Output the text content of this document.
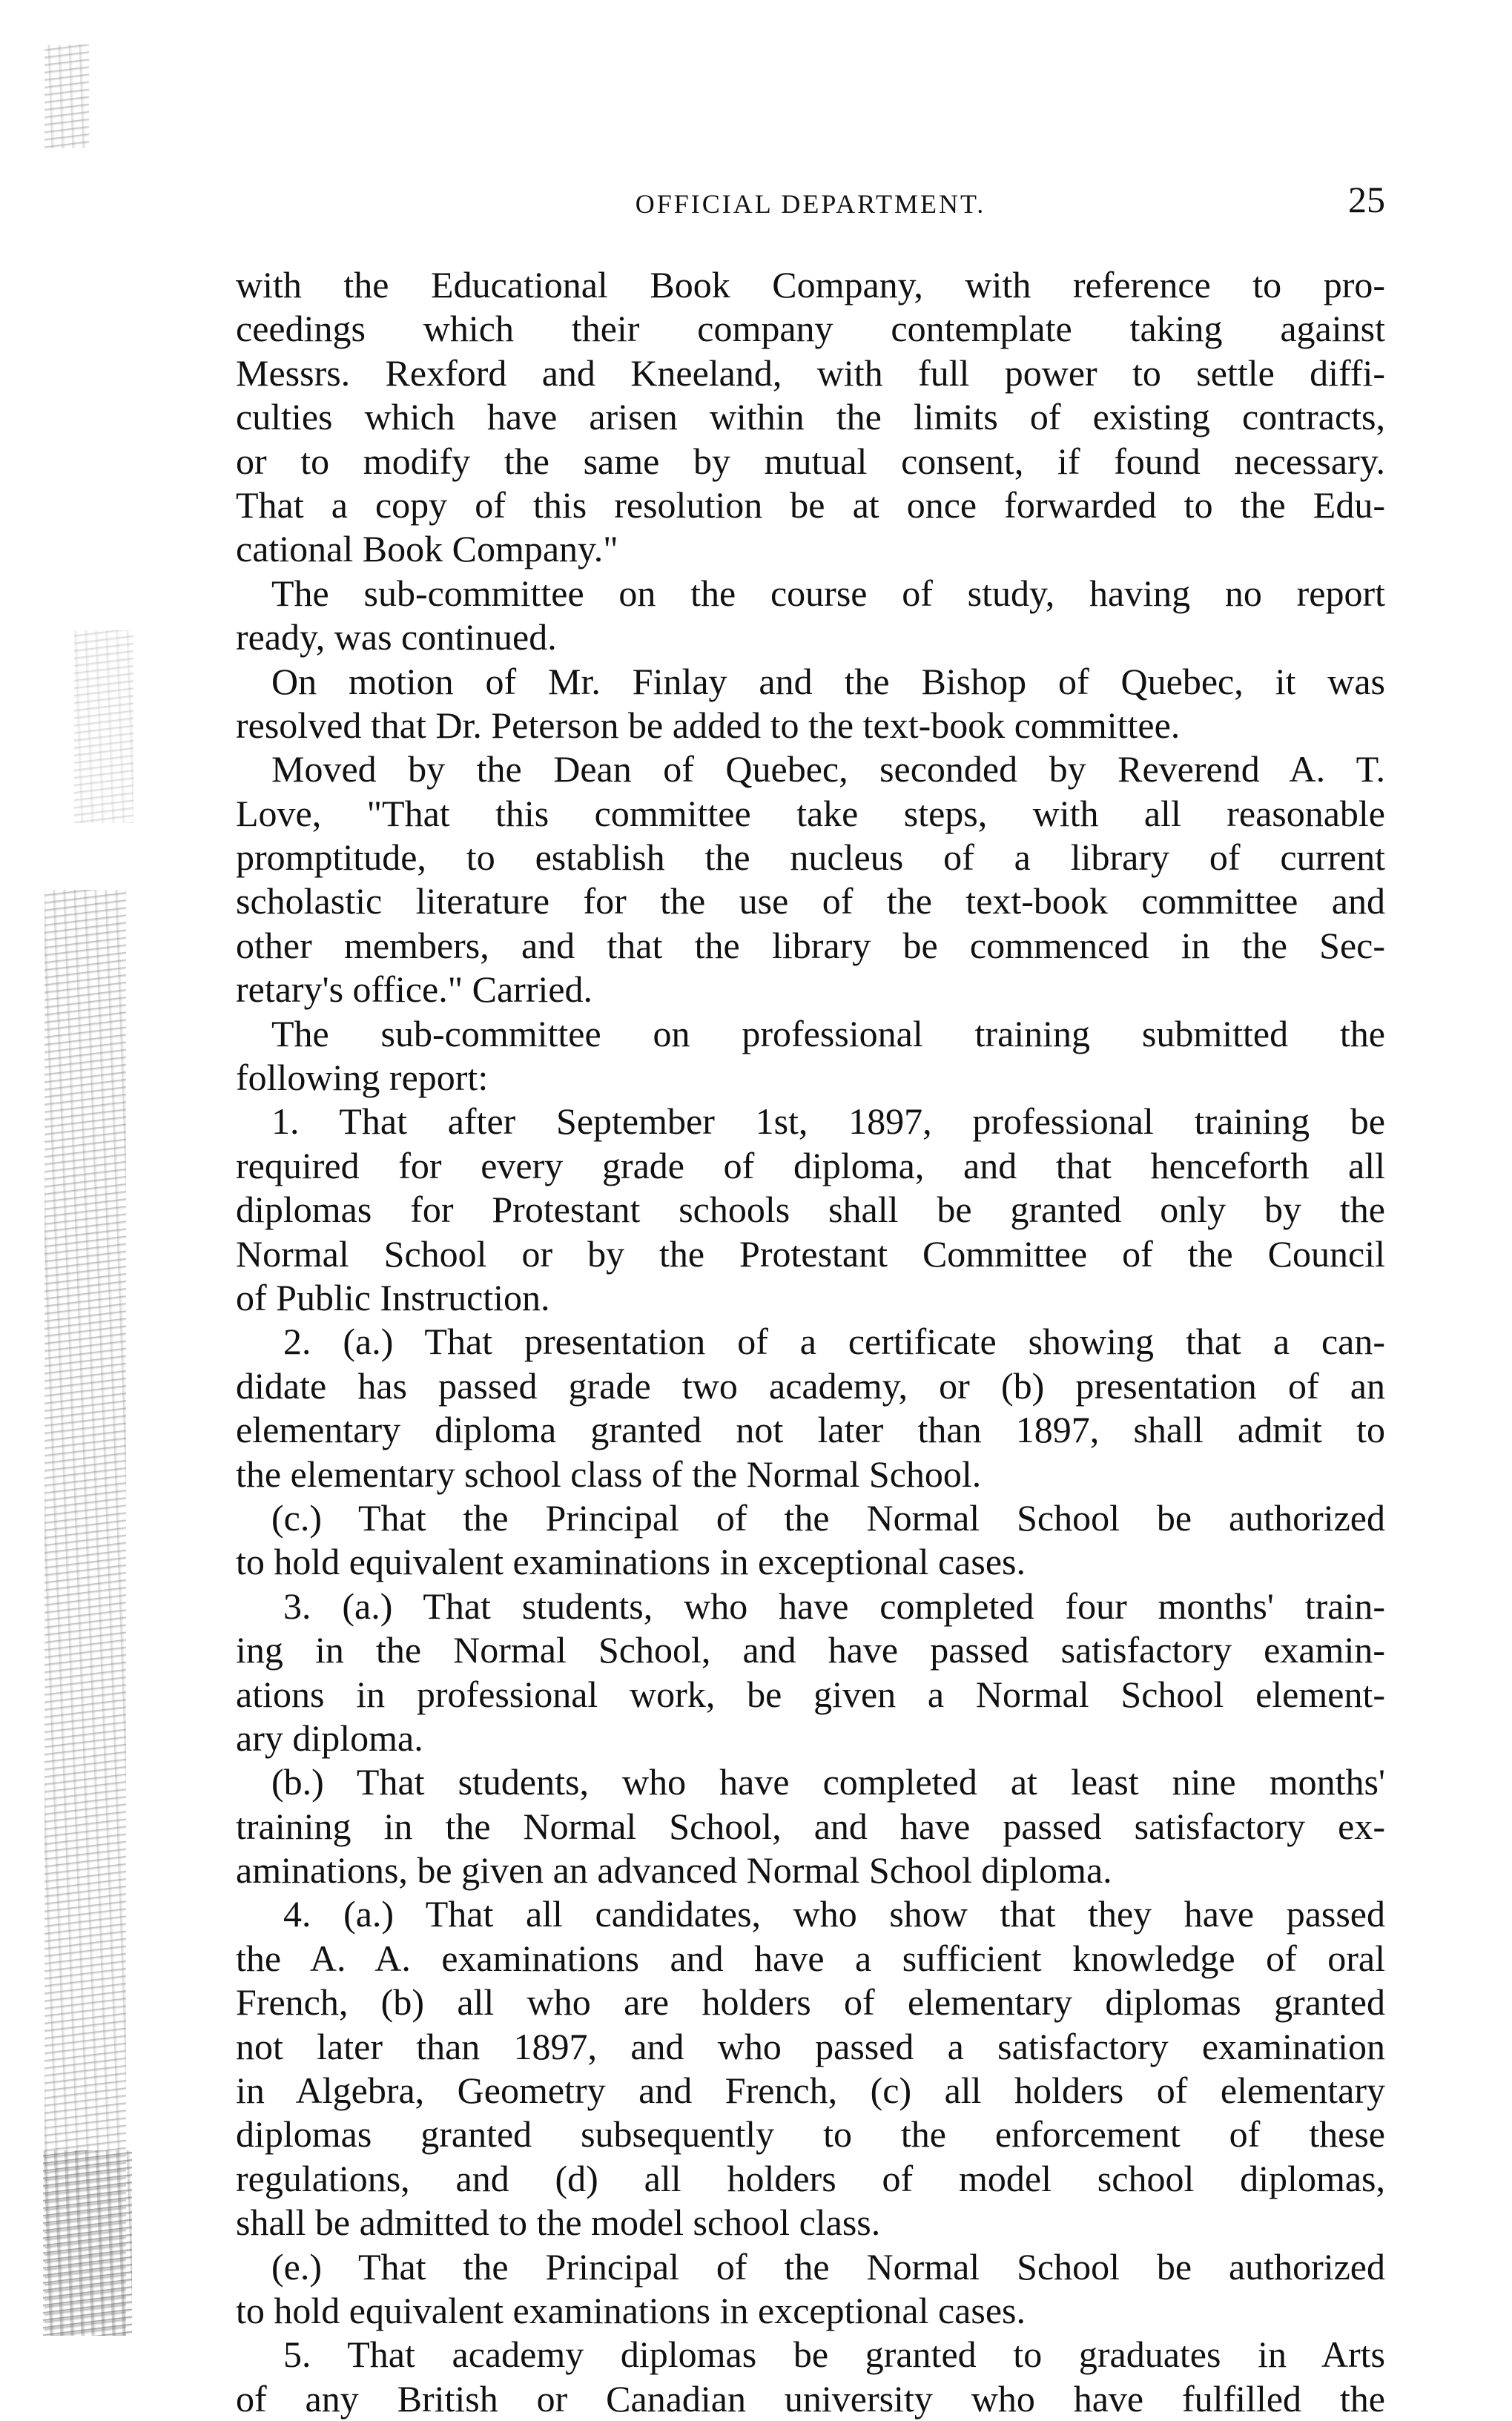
OFFICIAL DEPARTMENT.	25
with the Educational Book Company, with reference to pro-
ceedings which their company contemplate taking against
Messrs. Rexford and Kneeland, with full power to settle diffi-
culties which have arisen within the limits of existing contracts,
or to modify the same by mutual consent, if found necessary.
That a copy of this resolution be at once forwarded to the Edu-
cational Book Company."
The sub-committee on the course of study, having no report
ready, was continued.
On motion of Mr. Finlay and the Bishop of Quebec, it was
resolved that Dr. Peterson be added to the text-book committee.
Moved by the Dean of Quebec, seconded by Reverend A. T.
Love, "That this committee take steps, with all reasonable
promptitude, to establish the nucleus of a library of current
scholastic literature for the use of the text-book committee and
other members, and that the library be commenced in the Sec-
retary's office." Carried.
The sub-committee on professional training submitted the
following report:
1. That after September 1st, 1897, professional training be
required for every grade of diploma, and that henceforth all
diplomas for Protestant schools shall be granted only by the
Normal School or by the Protestant Committee of the Council
of Public Instruction.
2. (a.) That presentation of a certificate showing that a can-
didate has passed grade two academy, or (b) presentation of an
elementary diploma granted not later than 1897, shall admit to
the elementary school class of the Normal School.
(c.) That the Principal of the Normal School be authorized
to hold equivalent examinations in exceptional cases.
3. (a.) That students, who have completed four months' train-
ing in the Normal School, and have passed satisfactory examin-
ations in professional work, be given a Normal School element-
ary diploma.
(b.) That students, who have completed at least nine months'
training in the Normal School, and have passed satisfactory ex-
aminations, be given an advanced Normal School diploma.
4. (a.) That all candidates, who show that they have passed
the A. A. examinations and have a sufficient knowledge of oral
French, (b) all who are holders of elementary diplomas granted
not later than 1897, and who passed a satisfactory examination
in Algebra, Geometry and French, (c) all holders of elementary
diplomas granted subsequently to the enforcement of these
regulations, and (d) all holders of model school diplomas,
shall be admitted to the model school class.
(e.) That the Principal of the Normal School be authorized
to hold equivalent examinations in exceptional cases.
5. That academy diplomas be granted to graduates in Arts
of any British or Canadian university who have fulfilled the
